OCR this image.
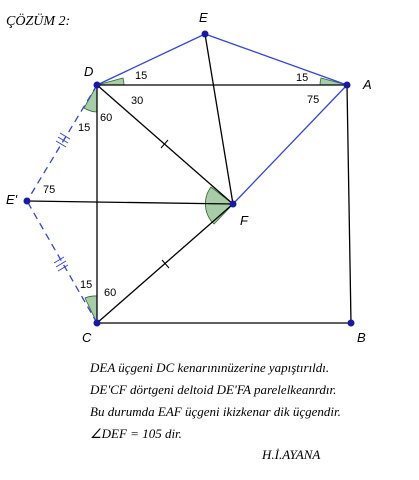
ÇÖZÜM 2:	E
D
A
E'
F
C	B
15	15
75
30
15
60
75
15
60
DEA üçgeni DC kenarınınüzerine yapıştırıldı.
DE'CF dörtgeni deltoid DE'FA parelelkeanrdır.
Bu durumda EAF üçgeni ikizkenar dik üçgendir.
∠DEF = 105 dir.
H.İ.AYANA
